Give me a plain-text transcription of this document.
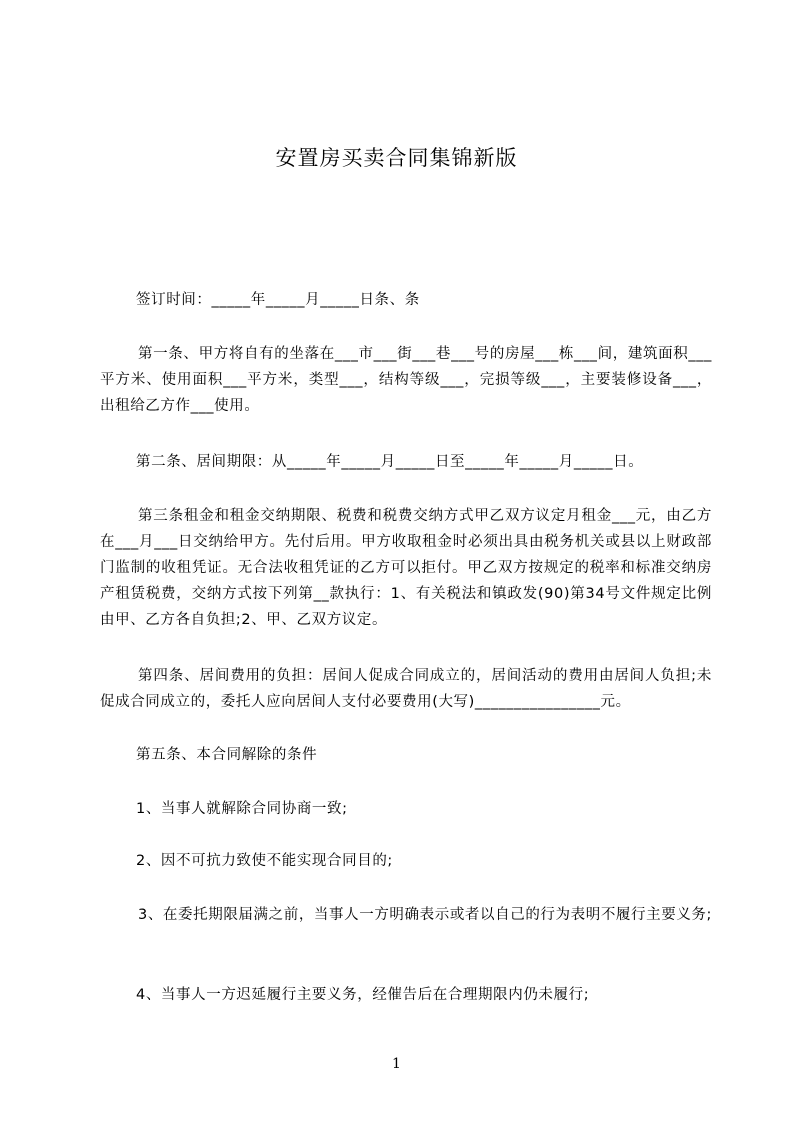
安置房买卖合同集锦新版

签订时间：_____年_____月_____日条、条

第一条、甲方将自有的坐落在___市___街___巷___号的房屋___栋___间，建筑面积___平方米、使用面积___平方米，类型___，结构等级___，完损等级___，主要装修设备___，出租给乙方作___使用。

第二条、居间期限：从_____年_____月_____日至_____年_____月_____日。

第三条租金和租金交纳期限、税费和税费交纳方式甲乙双方议定月租金___元，由乙方在___月___日交纳给甲方。先付后用。甲方收取租金时必须出具由税务机关或县以上财政部门监制的收租凭证。无合法收租凭证的乙方可以拒付。甲乙双方按规定的税率和标准交纳房产租赁税费，交纳方式按下列第__款执行：1、有关税法和镇政发(90)第34号文件规定比例由甲、乙方各自负担;2、甲、乙双方议定。

第四条、居间费用的负担：居间人促成合同成立的，居间活动的费用由居间人负担;未促成合同成立的，委托人应向居间人支付必要费用(大写)________________元。

第五条、本合同解除的条件

1、当事人就解除合同协商一致;

2、因不可抗力致使不能实现合同目的;

3、在委托期限届满之前，当事人一方明确表示或者以自己的行为表明不履行主要义务;

4、当事人一方迟延履行主要义务，经催告后在合理期限内仍未履行;

1
